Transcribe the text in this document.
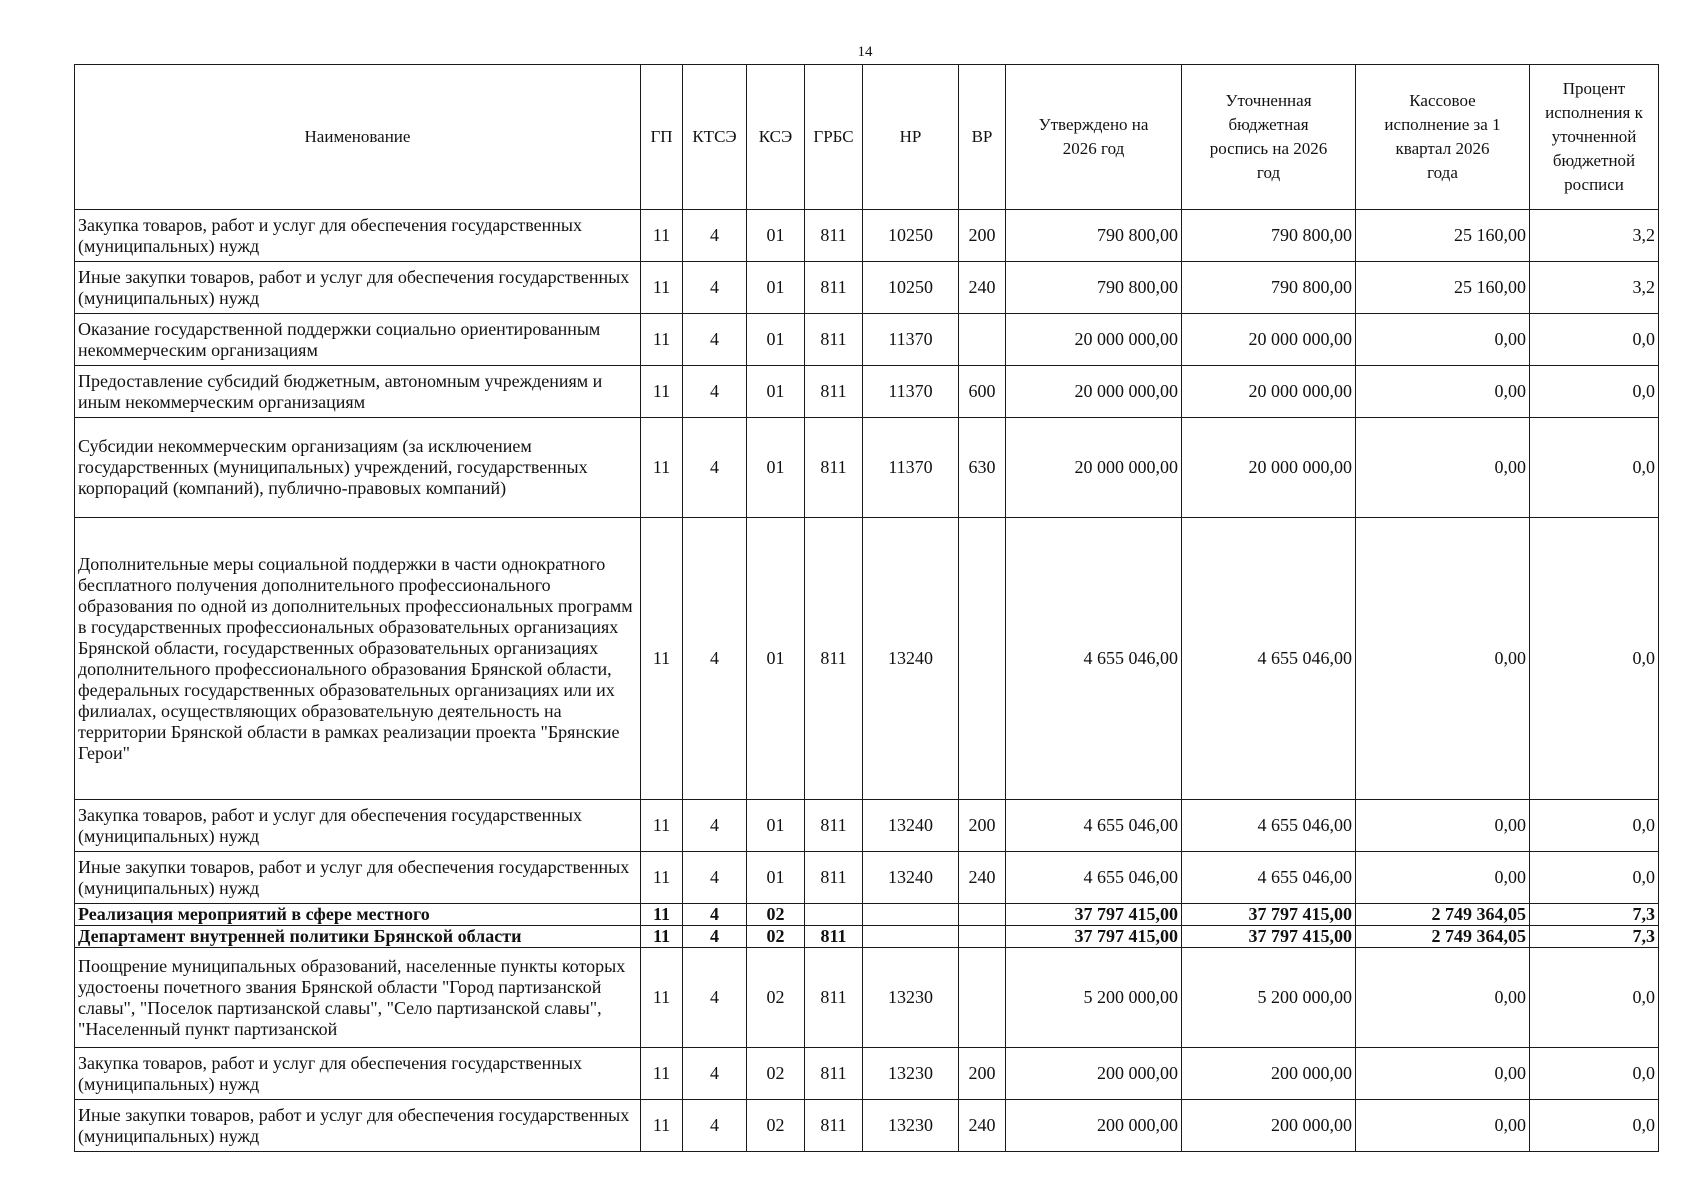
14
Наименование	ГП	КТСЭ	КСЭ	ГРБС	НР	ВР	Утверждено на 2026 год	Уточненная бюджетная роспись на 2026 год	Кассовое исполнение за 1 квартал 2026 года	Процент исполнения к уточненной бюджетной росписи
Закупка товаров, работ и услуг для обеспечения государственных (муниципальных) нужд	11	4	01	811	10250	200	790 800,00	790 800,00	25 160,00	3,2
Иные закупки товаров, работ и услуг для обеспечения государственных (муниципальных) нужд	11	4	01	811	10250	240	790 800,00	790 800,00	25 160,00	3,2
Оказание государственной поддержки социально ориентированным некоммерческим организациям	11	4	01	811	11370		20 000 000,00	20 000 000,00	0,00	0,0
Предоставление субсидий бюджетным, автономным учреждениям и иным некоммерческим организациям	11	4	01	811	11370	600	20 000 000,00	20 000 000,00	0,00	0,0
Субсидии некоммерческим организациям (за исключением государственных (муниципальных) учреждений, государственных корпораций (компаний), публично-правовых компаний)	11	4	01	811	11370	630	20 000 000,00	20 000 000,00	0,00	0,0
Дополнительные меры социальной поддержки в части однократного бесплатного получения дополнительного профессионального образования по одной из дополнительных профессиональных программ в государственных профессиональных образовательных организациях Брянской области, государственных образовательных организациях дополнительного профессионального образования Брянской области, федеральных государственных образовательных организациях или их филиалах, осуществляющих образовательную деятельность на территории Брянской области в рамках реализации проекта "Брянские Герои"	11	4	01	811	13240		4 655 046,00	4 655 046,00	0,00	0,0
Закупка товаров, работ и услуг для обеспечения государственных (муниципальных) нужд	11	4	01	811	13240	200	4 655 046,00	4 655 046,00	0,00	0,0
Иные закупки товаров, работ и услуг для обеспечения государственных (муниципальных) нужд	11	4	01	811	13240	240	4 655 046,00	4 655 046,00	0,00	0,0
Реализация мероприятий в сфере местного	11	4	02				37 797 415,00	37 797 415,00	2 749 364,05	7,3
Департамент внутренней политики Брянской области	11	4	02	811			37 797 415,00	37 797 415,00	2 749 364,05	7,3
Поощрение муниципальных образований, населенные пункты которых удостоены почетного звания Брянской области "Город партизанской славы", "Поселок партизанской славы", "Село партизанской славы", "Населенный пункт партизанской	11	4	02	811	13230		5 200 000,00	5 200 000,00	0,00	0,0
Закупка товаров, работ и услуг для обеспечения государственных (муниципальных) нужд	11	4	02	811	13230	200	200 000,00	200 000,00	0,00	0,0
Иные закупки товаров, работ и услуг для обеспечения государственных (муниципальных) нужд	11	4	02	811	13230	240	200 000,00	200 000,00	0,00	0,0
